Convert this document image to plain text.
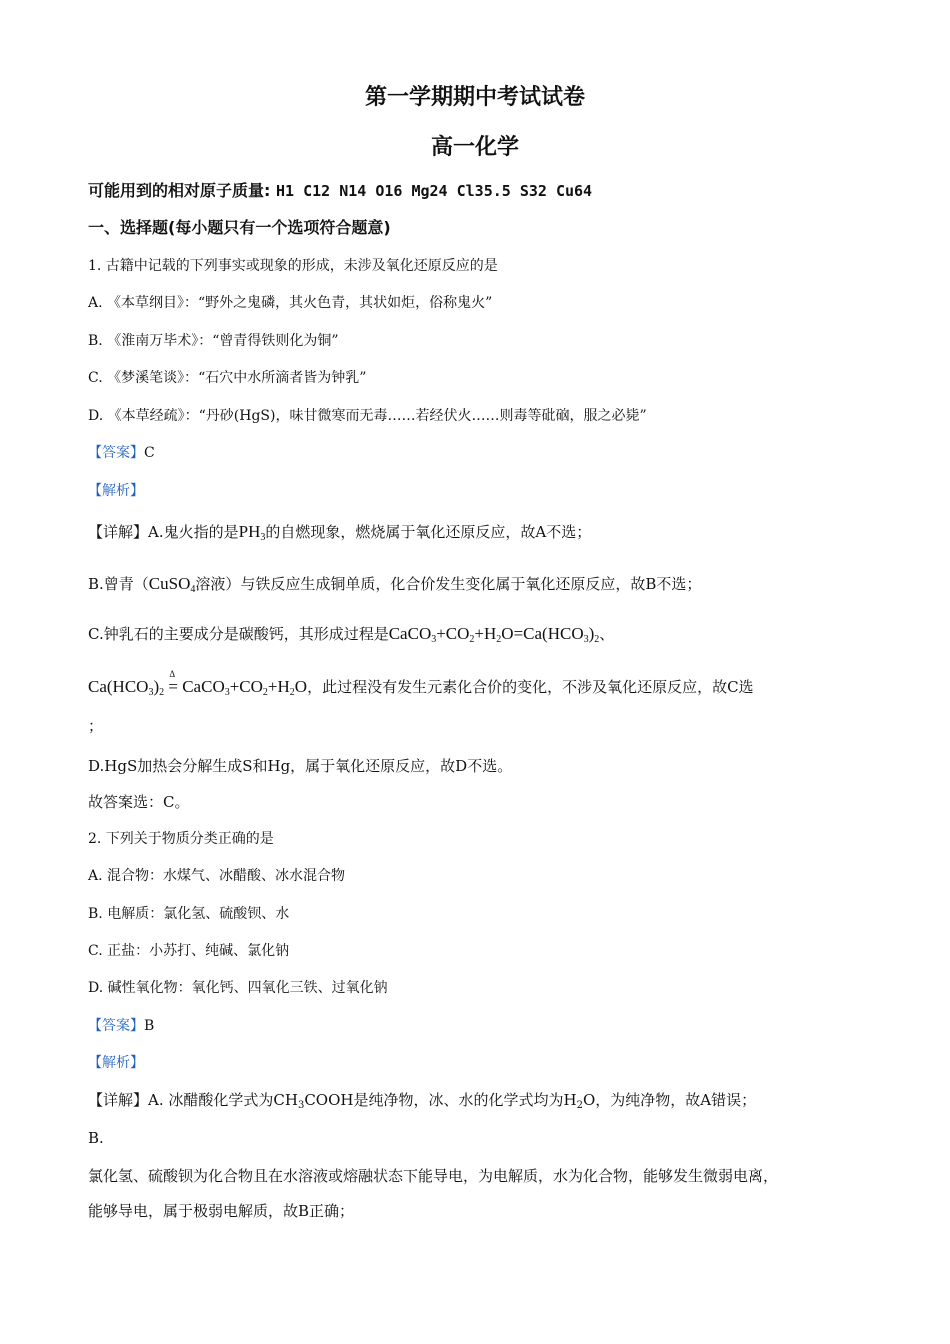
第一学期期中考试试卷
高一化学
可能用到的相对原子质量: H1 C12 N14 O16 Mg24 Cl35.5 S32 Cu64
一、选择题(每小题只有一个选项符合题意)
1. 古籍中记载的下列事实或现象的形成，未涉及氧化还原反应的是
A. 《本草纲目》：“野外之鬼磷，其火色青，其状如炬，俗称鬼火”
B. 《淮南万毕术》：“曾青得铁则化为铜”
C. 《梦溪笔谈》：“石穴中水所滴者皆为钟乳”
D. 《本草经疏》：“丹砂(HgS)，味甘微寒而无毒……若经伏火……则毒等砒硇，服之必毙”
【答案】C
【解析】
【详解】A.鬼火指的是$PH_3$的自燃现象，燃烧属于氧化还原反应，故A不选；
B.曾青（CuSO$_4$溶液）与铁反应生成铜单质，化合价发生变化属于氧化还原反应，故B不选；
C.钟乳石的主要成分是碳酸钙，其形成过程是$CaCO_3+CO_2+H_2O=Ca(HCO_3)_2$、
$Ca(HCO_3)_2$
Δ
= $CaCO_3+CO_2+H_2O$，此过程没有发生元素化合价的变化，不涉及氧化还原反应，故C选
；
D.HgS加热会分解生成S和Hg，属于氧化还原反应，故D不选。
故答案选：C。
2. 下列关于物质分类正确的是
A. 混合物：水煤气、冰醋酸、冰水混合物
B. 电解质：氯化氢、硫酸钡、水
C. 正盐：小苏打、纯碱、氯化钠
D. 碱性氧化物：氧化钙、四氧化三铁、过氧化钠
【答案】B
【解析】
【详解】A. 冰醋酸化学式为$CH_3COOH$是纯净物，冰、水的化学式均为$H_2O$，为纯净物，故A错误；
B.
氯化氢、硫酸钡为化合物且在水溶液或熔融状态下能导电，为电解质，水为化合物，能够发生微弱电离，
能够导电，属于极弱电解质，故B正确；
